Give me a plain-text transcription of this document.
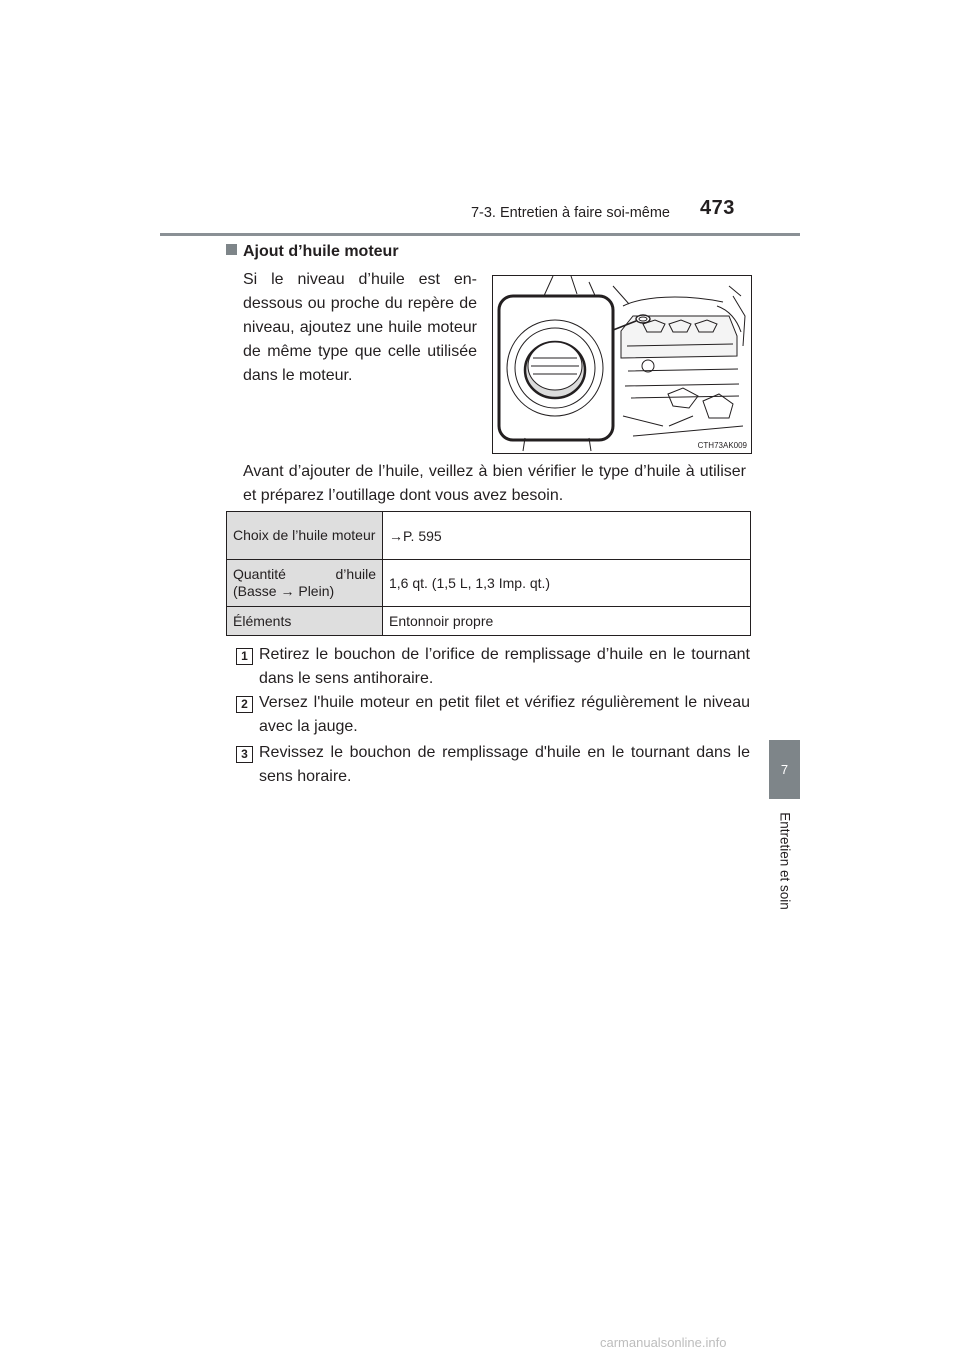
7-3. Entretien à faire soi-même 473
7
Entretien et soin
Ajout d’huile moteur
Si le niveau d’huile est en-dessous ou proche du repère de niveau, ajoutez une huile moteur de même type que celle utilisée dans le moteur.
CTH73AK009
Avant d’ajouter de l’huile, veillez à bien vérifier le type d’huile à utiliser et préparez l’outillage dont vous avez besoin.
Choix de l’huile moteur	→P. 595
Quantité d’huile (Basse → Plein)	1,6 qt. (1,5 L, 1,3 Imp. qt.)
Éléments	Entonnoir propre
1 Retirez le bouchon de l’orifice de remplissage d’huile en le tournant dans le sens antihoraire.
2 Versez l'huile moteur en petit filet et vérifiez régulièrement le niveau avec la jauge.
3 Revissez le bouchon de remplissage d'huile en le tournant dans le sens horaire.
carmanualsonline.info
